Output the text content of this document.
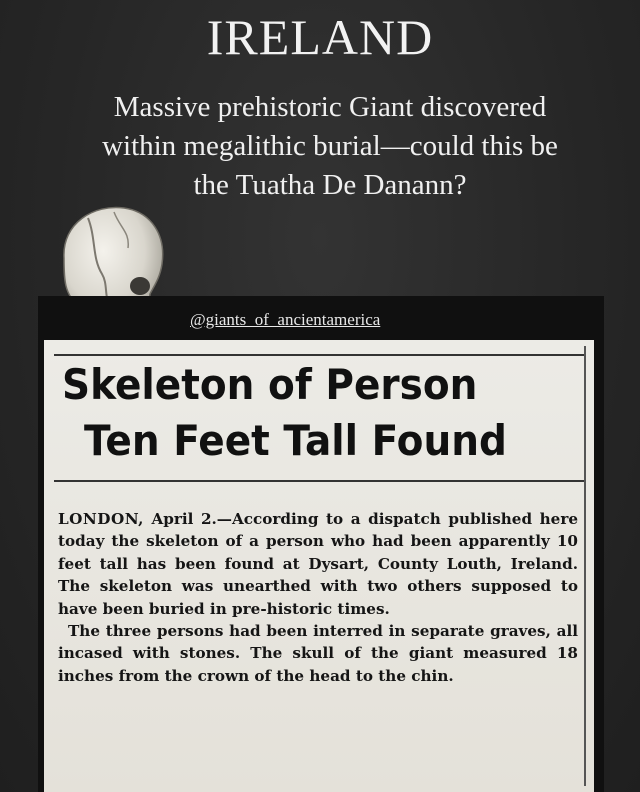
IRELAND
Massive prehistoric Giant discovered within megalithic burial—could this be the Tuatha De Danann?
@giants_of_ancientamerica
Skeleton of Person
Ten Feet Tall Found

LONDON, April 2.—According to a dispatch published here today the skeleton of a person who had been apparently 10 feet tall has been found at Dysart, County Louth, Ireland. The skeleton was unearthed with two others supposed to have been buried in pre-historic times.

The three persons had been interred in separate graves, all incased with stones. The skull of the giant measured 18 inches from the crown of the head to the chin.
